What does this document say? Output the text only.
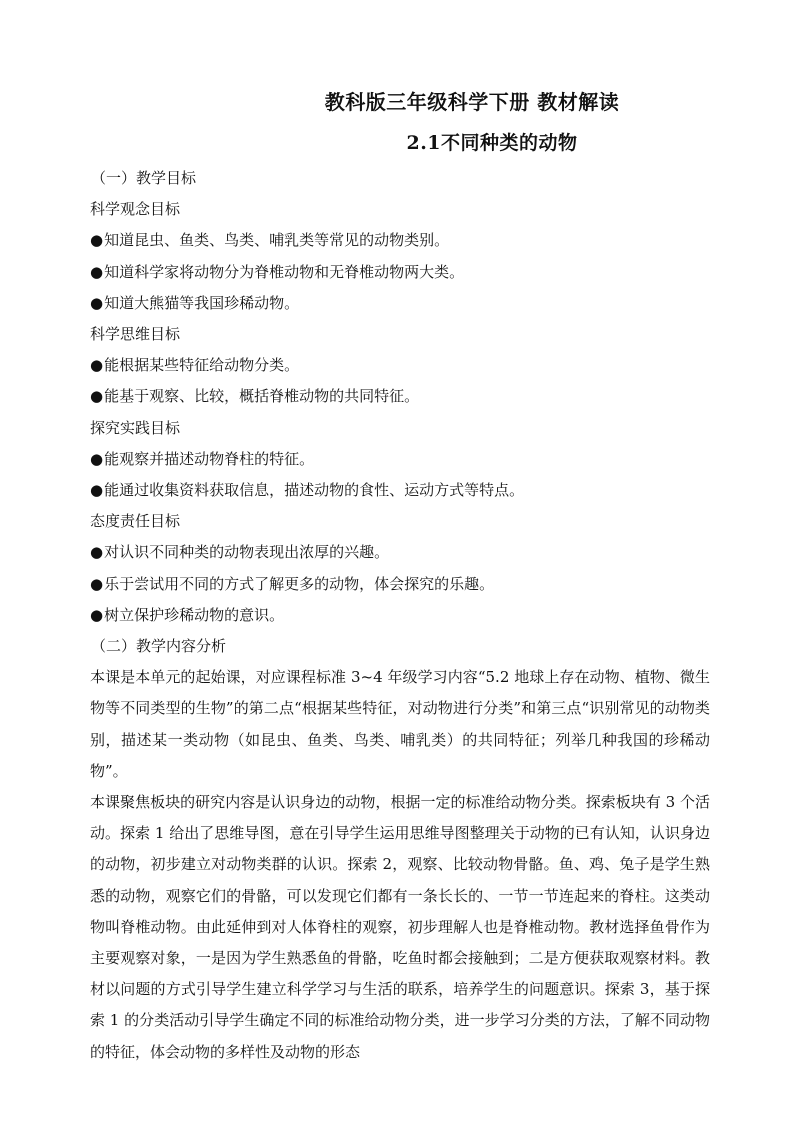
教科版三年级科学下册 教材解读
2.1不同种类的动物
（一）教学目标
科学观念目标
●知道昆虫、鱼类、鸟类、哺乳类等常见的动物类别。
●知道科学家将动物分为脊椎动物和无脊椎动物两大类。
●知道大熊猫等我国珍稀动物。
科学思维目标
●能根据某些特征给动物分类。
●能基于观察、比较，概括脊椎动物的共同特征。
探究实践目标
●能观察并描述动物脊柱的特征。
●能通过收集资料获取信息，描述动物的食性、运动方式等特点。
态度责任目标
●对认识不同种类的动物表现出浓厚的兴趣。
●乐于尝试用不同的方式了解更多的动物，体会探究的乐趣。
●树立保护珍稀动物的意识。
（二）教学内容分析
本课是本单元的起始课，对应课程标准 3~4 年级学习内容“5.2 地球上存在动物、植物、微生物等不同类型的生物”的第二点“根据某些特征，对动物进行分类”和第三点“识别常见的动物类别，描述某一类动物（如昆虫、鱼类、鸟类、哺乳类）的共同特征；列举几种我国的珍稀动物”。
本课聚焦板块的研究内容是认识身边的动物，根据一定的标准给动物分类。探索板块有 3 个活动。探索 1 给出了思维导图，意在引导学生运用思维导图整理关于动物的已有认知，认识身边的动物，初步建立对动物类群的认识。探索 2，观察、比较动物骨骼。鱼、鸡、兔子是学生熟悉的动物，观察它们的骨骼，可以发现它们都有一条长长的、一节一节连起来的脊柱。这类动物叫脊椎动物。由此延伸到对人体脊柱的观察，初步理解人也是脊椎动物。教材选择鱼骨作为主要观察对象，一是因为学生熟悉鱼的骨骼，吃鱼时都会接触到；二是方便获取观察材料。教材以问题的方式引导学生建立科学学习与生活的联系，培养学生的问题意识。探索 3，基于探索 1 的分类活动引导学生确定不同的标准给动物分类，进一步学习分类的方法，了解不同动物的特征，体会动物的多样性及动物的形态
